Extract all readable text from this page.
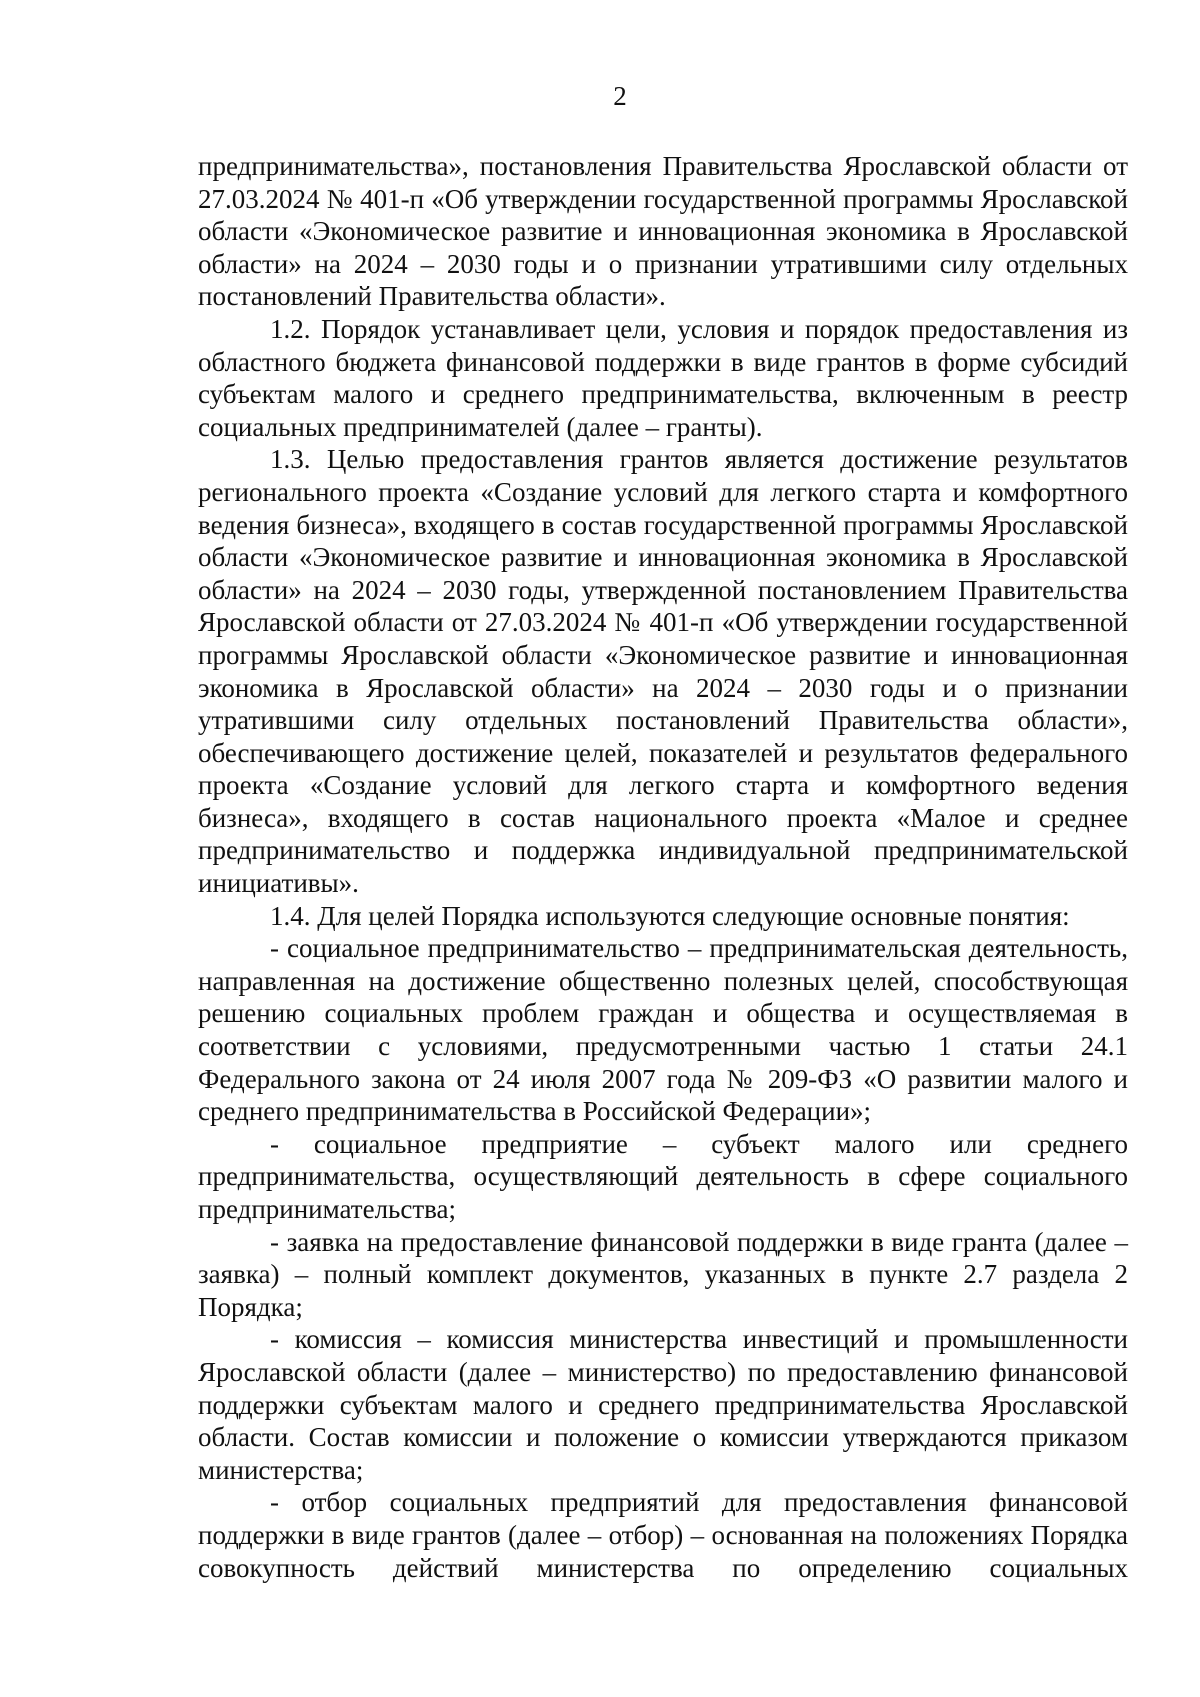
2

предпринимательства», постановления Правительства Ярославской области от 27.03.2024 № 401-п «Об утверждении государственной программы Ярославской области «Экономическое развитие и инновационная экономика в Ярославской области» на 2024 – 2030 годы и о признании утратившими силу отдельных постановлений Правительства области».

1.2. Порядок устанавливает цели, условия и порядок предоставления из областного бюджета финансовой поддержки в виде грантов в форме субсидий субъектам малого и среднего предпринимательства, включенным в реестр социальных предпринимателей (далее – гранты).

1.3. Целью предоставления грантов является достижение результатов регионального проекта «Создание условий для легкого старта и комфортного ведения бизнеса», входящего в состав государственной программы Ярославской области «Экономическое развитие и инновационная экономика в Ярославской области» на 2024 – 2030 годы, утвержденной постановлением Правительства Ярославской области от 27.03.2024 № 401-п «Об утверждении государственной программы Ярославской области «Экономическое развитие и инновационная экономика в Ярославской области» на 2024 – 2030 годы и о признании утратившими силу отдельных постановлений Правительства области», обеспечивающего достижение целей, показателей и результатов федерального проекта «Создание условий для легкого старта и комфортного ведения бизнеса», входящего в состав национального проекта «Малое и среднее предпринимательство и поддержка индивидуальной предпринимательской инициативы».

1.4. Для целей Порядка используются следующие основные понятия:

- социальное предпринимательство – предпринимательская деятельность, направленная на достижение общественно полезных целей, способствующая решению социальных проблем граждан и общества и осуществляемая в соответствии с условиями, предусмотренными частью 1 статьи 24.1 Федерального закона от 24 июля 2007 года № 209-ФЗ «О развитии малого и среднего предпринимательства в Российской Федерации»;

- социальное предприятие – субъект малого или среднего предпринимательства, осуществляющий деятельность в сфере социального предпринимательства;

- заявка на предоставление финансовой поддержки в виде гранта (далее – заявка) – полный комплект документов, указанных в пункте 2.7 раздела 2 Порядка;

- комиссия – комиссия министерства инвестиций и промышленности Ярославской области (далее – министерство) по предоставлению финансовой поддержки субъектам малого и среднего предпринимательства Ярославской области. Состав комиссии и положение о комиссии утверждаются приказом министерства;

- отбор социальных предприятий для предоставления финансовой поддержки в виде грантов (далее – отбор) – основанная на положениях Порядка совокупность действий министерства по определению социальных
